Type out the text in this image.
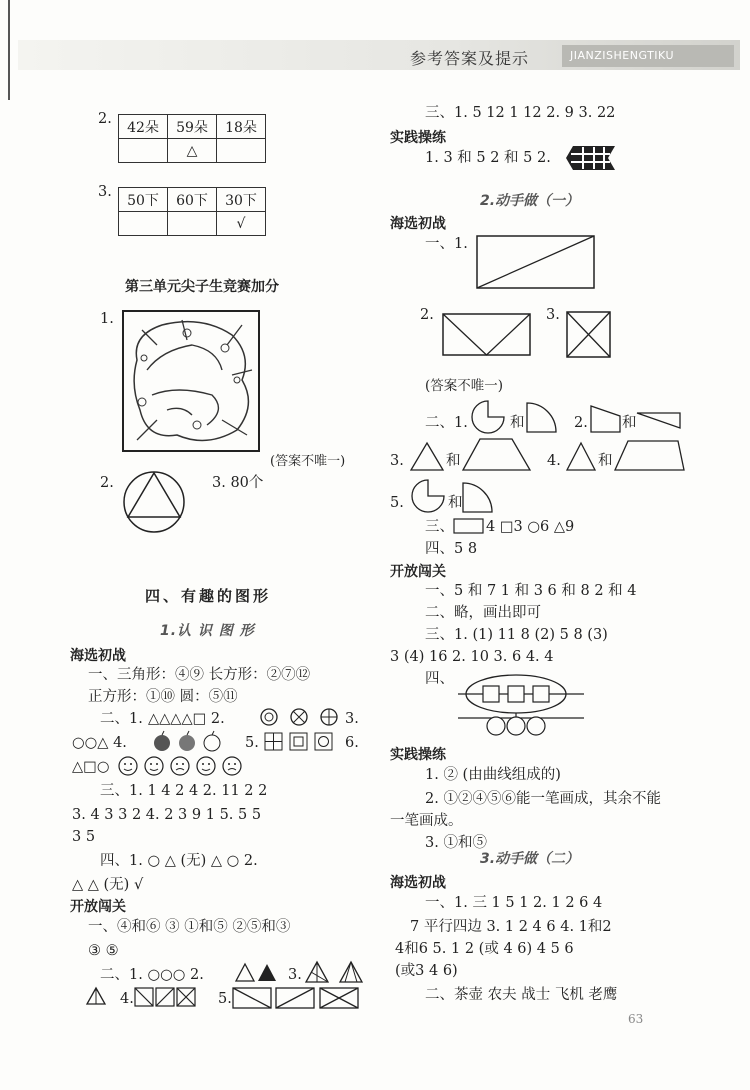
参考答案及提示	JIANZISHENGTIKU
2.
42朵	59朵	18朵
	△	
3.
50下	60下	30下
		√
第三单元尖子生竞赛加分
1.
(答案不唯一)
2.	3. 80个
四、有趣的图形
1.认 识 图 形
海选初战
一、三角形：④⑨ 长方形：②⑦⑫
正方形：①⑩ 圆：⑤⑪
二、1. △△△△□ 2.	3.
○○△ 4.	5.	6.
△□○
三、1. 1 4 2 4 2. 11 2 2
3. 4 3 3 2 4. 2 3 9 1 5. 5 5
3 5
四、1. ○ △ (无) △ ○ 2.
△ △ (无) √
开放闯关
一、④和⑥ ③ ①和⑤ ②⑤和③
③ ⑤
二、1. ○○○ 2.	3.
4.	5.
三、1. 5 12 1 12 2. 9 3. 22
实践操练
1. 3 和 5 2 和 5 2.
2.动手做（一）
海选初战
一、1.
2.	3.
(答案不唯一)
二、1.	和	2. 和
3.	和	4.	和
5.	和
三、 4 □3 ○6 △9
四、5 8
开放闯关
一、5 和 7 1 和 3 6 和 8 2 和 4
二、略，画出即可
三、1. (1) 11 8 (2) 5 8 (3)
3 (4) 16 2. 10 3. 6 4. 4
四、
实践操练
1. ② (由曲线组成的)
2. ①②④⑤⑥能一笔画成，其余不能
一笔画成。
3. ①和⑤
3.动手做（二）
海选初战
一、1. 三 1 5 1 2. 1 2 6 4
7 平行四边 3. 1 2 4 6 4. 1和2
4和6 5. 1 2 (或 4 6) 4 5 6
(或3 4 6)
二、茶壶 农夫 战士 飞机 老鹰
63
